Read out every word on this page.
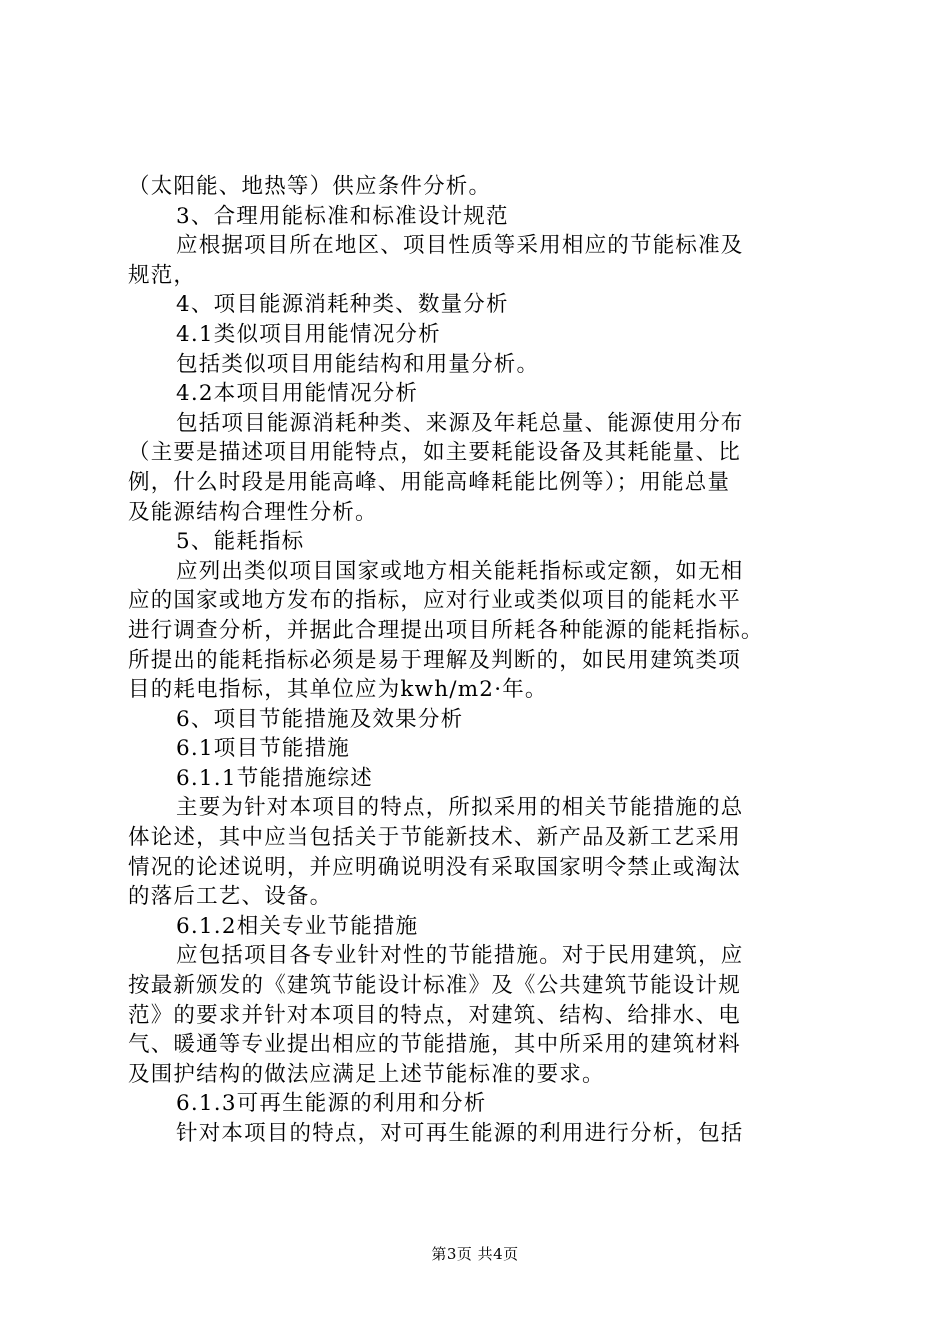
（太阳能、地热等）供应条件分析。
3、合理用能标准和标准设计规范
应根据项目所在地区、项目性质等采用相应的节能标准及
规范，
4、项目能源消耗种类、数量分析
4.1类似项目用能情况分析
包括类似项目用能结构和用量分析。
4.2本项目用能情况分析
包括项目能源消耗种类、来源及年耗总量、能源使用分布
（主要是描述项目用能特点，如主要耗能设备及其耗能量、比
例，什么时段是用能高峰、用能高峰耗能比例等）；用能总量
及能源结构合理性分析。
5、能耗指标
应列出类似项目国家或地方相关能耗指标或定额，如无相
应的国家或地方发布的指标，应对行业或类似项目的能耗水平
进行调查分析，并据此合理提出项目所耗各种能源的能耗指标。
所提出的能耗指标必须是易于理解及判断的，如民用建筑类项
目的耗电指标，其单位应为kwh/m2·年。
6、项目节能措施及效果分析
6.1项目节能措施
6.1.1节能措施综述
主要为针对本项目的特点，所拟采用的相关节能措施的总
体论述，其中应当包括关于节能新技术、新产品及新工艺采用
情况的论述说明，并应明确说明没有采取国家明令禁止或淘汰
的落后工艺、设备。
6.1.2相关专业节能措施
应包括项目各专业针对性的节能措施。对于民用建筑，应
按最新颁发的《建筑节能设计标准》及《公共建筑节能设计规
范》的要求并针对本项目的特点，对建筑、结构、给排水、电
气、暖通等专业提出相应的节能措施，其中所采用的建筑材料
及围护结构的做法应满足上述节能标准的要求。
6.1.3可再生能源的利用和分析
针对本项目的特点，对可再生能源的利用进行分析，包括
第3页 共4页
